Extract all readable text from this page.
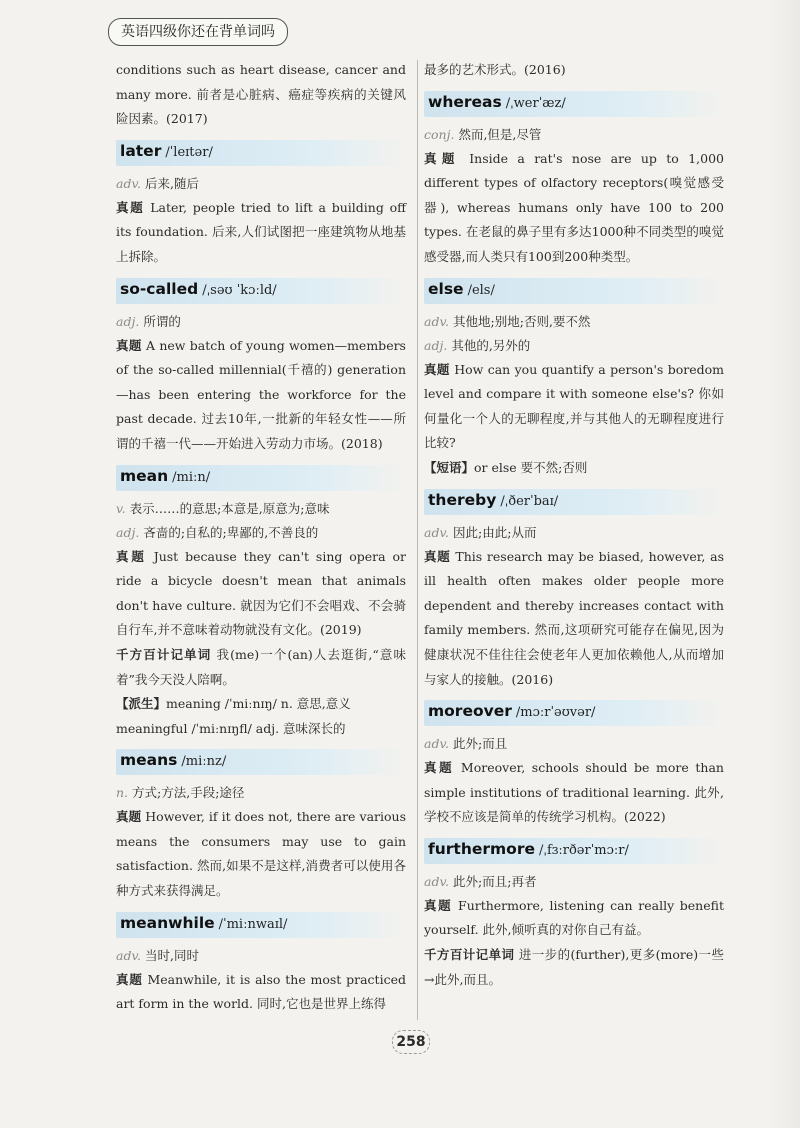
英语四级你还在背单词吗

conditions such as heart disease, cancer and many more. 前者是心脏病、癌症等疾病的关键风险因素。(2017)

later /ˈleɪtər/

adv. 后来,随后

真题 Later, people tried to lift a building off its foundation. 后来,人们试图把一座建筑物从地基上拆除。

so-called /ˌsəʊ ˈkɔːld/

adj. 所谓的

真题 A new batch of young women—members of the so-called millennial(千禧的) generation—has been entering the workforce for the past decade. 过去10年,一批新的年轻女性——所谓的千禧一代——开始进入劳动力市场。(2018)

mean /miːn/

v. 表示……的意思;本意是,原意为;意味

adj. 吝啬的;自私的;卑鄙的,不善良的

真题 Just because they can't sing opera or ride a bicycle doesn't mean that animals don't have culture. 就因为它们不会唱戏、不会骑自行车,并不意味着动物就没有文化。(2019)

千方百计记单词 我(me)一个(an)人去逛街,“意味着”我今天没人陪啊。

【派生】meaning /ˈmiːnɪŋ/ n. 意思,意义

meaningful /ˈmiːnɪŋfl/ adj. 意味深长的

means /miːnz/

n. 方式;方法,手段;途径

真题 However, if it does not, there are various means the consumers may use to gain satisfaction. 然而,如果不是这样,消费者可以使用各种方式来获得满足。

meanwhile /ˈmiːnwaɪl/

adv. 当时,同时

真题 Meanwhile, it is also the most practiced art form in the world. 同时,它也是世界上练得

最多的艺术形式。(2016)

whereas /ˌwerˈæz/

conj. 然而,但是,尽管

真题 Inside a rat's nose are up to 1,000 different types of olfactory receptors(嗅觉感受器), whereas humans only have 100 to 200 types. 在老鼠的鼻子里有多达1000种不同类型的嗅觉感受器,而人类只有100到200种类型。

else /els/

adv. 其他地;别地;否则,要不然

adj. 其他的,另外的

真题 How can you quantify a person's boredom level and compare it with someone else's? 你如何量化一个人的无聊程度,并与其他人的无聊程度进行比较?

【短语】or else 要不然;否则

thereby /ˌðerˈbaɪ/

adv. 因此;由此;从而

真题 This research may be biased, however, as ill health often makes older people more dependent and thereby increases contact with family members. 然而,这项研究可能存在偏见,因为健康状况不佳往往会使老年人更加依赖他人,从而增加与家人的接触。(2016)

moreover /mɔːrˈəʊvər/

adv. 此外;而且

真题 Moreover, schools should be more than simple institutions of traditional learning. 此外,学校不应该是简单的传统学习机构。(2022)

furthermore /ˌfɜːrðərˈmɔːr/

adv. 此外;而且;再者

真题 Furthermore, listening can really benefit yourself. 此外,倾听真的对你自己有益。

千方百计记单词 进一步的(further),更多(more)一些→此外,而且。

258
